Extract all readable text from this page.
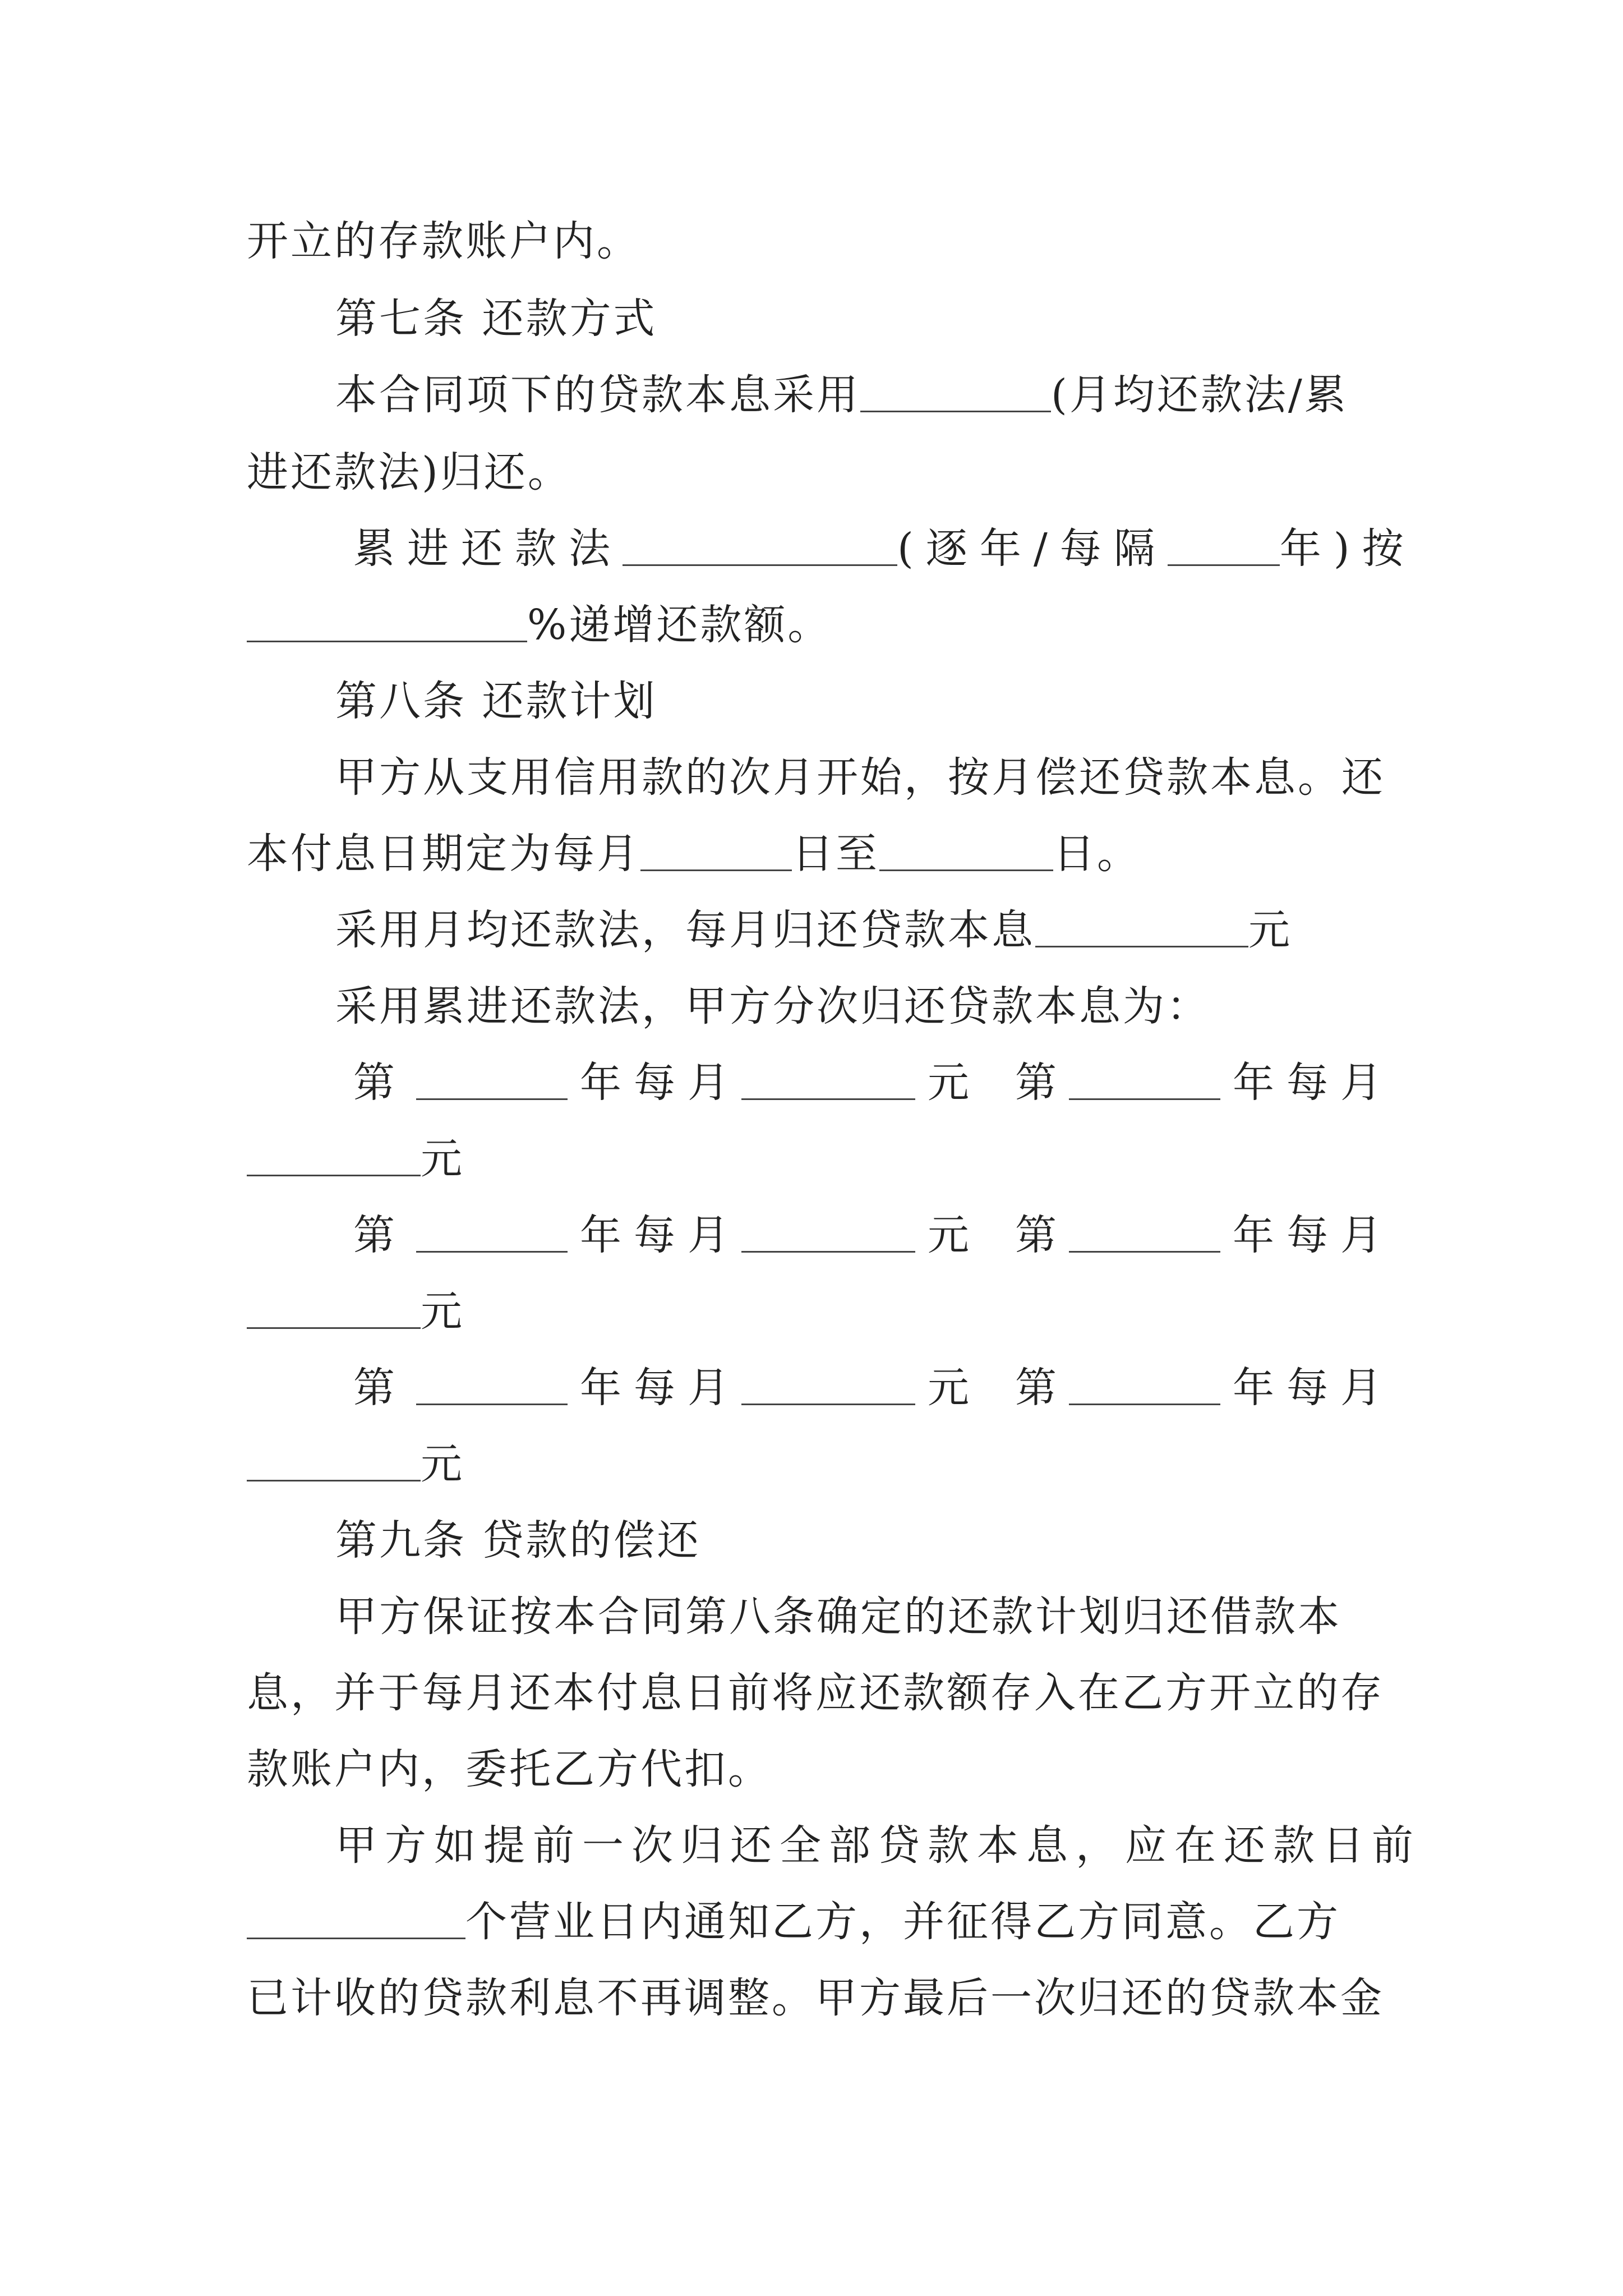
开立的存款账户内。
第七条 还款方式
本合同项下的贷款本息采用	(月均还款法/累
进还款法)归还。
累进还款法	(逐年/每隔	年)按
%递增还款额。
第八条 还款计划
甲方从支用信用款的次月开始，按月偿还贷款本息。还
本付息日期定为每月	日至	日。
采用月均还款法，每月归还贷款本息	元
采用累进还款法，甲方分次归还贷款本息为：
第	年每月	元 第	年每月
元
第	年每月	元 第	年每月
元
第	年每月	元 第	年每月
元
第九条 贷款的偿还
甲方保证按本合同第八条确定的还款计划归还借款本
息，并于每月还本付息日前将应还款额存入在乙方开立的存
款账户内，委托乙方代扣。
甲方如提前一次归还全部贷款本息，应在还款日前
个营业日内通知乙方，并征得乙方同意。乙方
已计收的贷款利息不再调整。甲方最后一次归还的贷款本金
